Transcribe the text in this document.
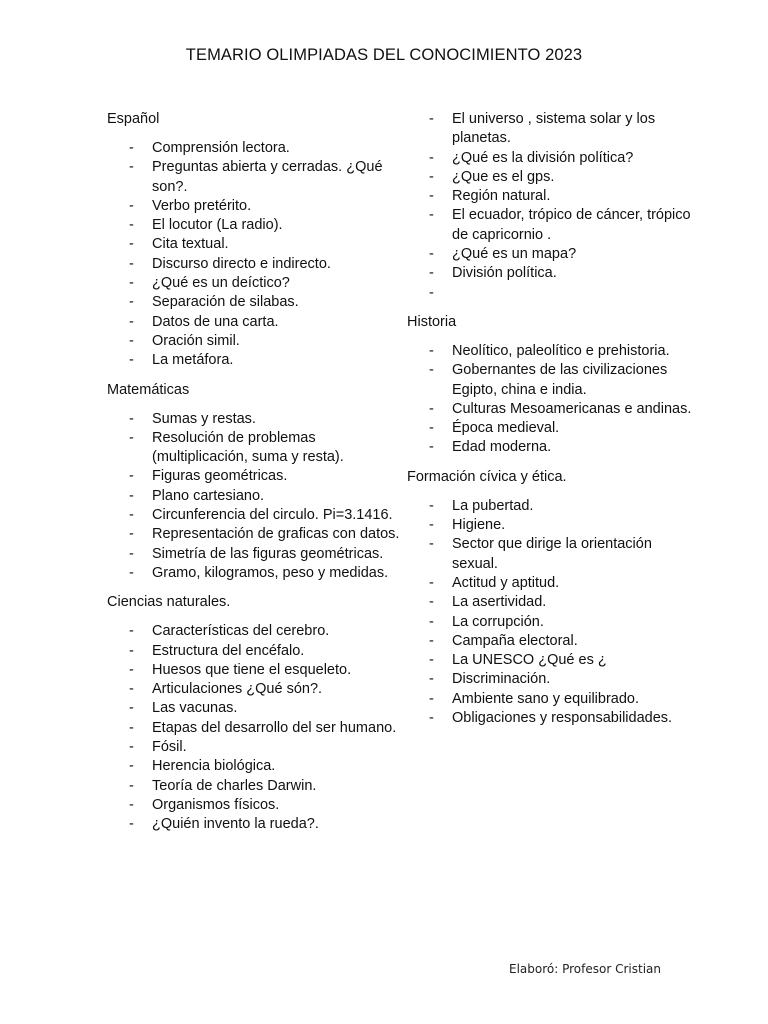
TEMARIO OLIMPIADAS DEL CONOCIMIENTO 2023
Español
- Comprensión lectora.
- Preguntas abierta y cerradas. ¿Qué son?.
- Verbo pretérito.
- El locutor (La radio).
- Cita textual.
- Discurso directo e indirecto.
- ¿Qué es un deíctico?
- Separación de silabas.
- Datos de una carta.
- Oración simil.
- La metáfora.
Matemáticas
- Sumas y restas.
- Resolución de problemas (multiplicación, suma y resta).
- Figuras geométricas.
- Plano cartesiano.
- Circunferencia del circulo. Pi=3.1416.
- Representación de graficas con datos.
- Simetría de las figuras geométricas.
- Gramo, kilogramos, peso y medidas.
Ciencias naturales.
- Características del cerebro.
- Estructura del encéfalo.
- Huesos que tiene el esqueleto.
- Articulaciones ¿Qué són?.
- Las vacunas.
- Etapas del desarrollo del ser humano.
- Fósil.
- Herencia biológica.
- Teoría de charles Darwin.
- Organismos físicos.
- ¿Quién invento la rueda?.
- El universo , sistema solar y los planetas.
- ¿Qué es la división política?
- ¿Que es el gps.
- Región natural.
- El ecuador, trópico de cáncer, trópico de capricornio .
- ¿Qué es un mapa?
- División política.
-
Historia
- Neolítico, paleolítico e prehistoria.
- Gobernantes de las civilizaciones Egipto, china e india.
- Culturas Mesoamericanas e andinas.
- Época medieval.
- Edad moderna.
Formación cívica y ética.
- La pubertad.
- Higiene.
- Sector que dirige la orientación sexual.
- Actitud y aptitud.
- La asertividad.
- La corrupción.
- Campaña electoral.
- La UNESCO ¿Qué es ¿
- Discriminación.
- Ambiente sano y equilibrado.
- Obligaciones y responsabilidades.
Elaboró: Profesor Cristian
